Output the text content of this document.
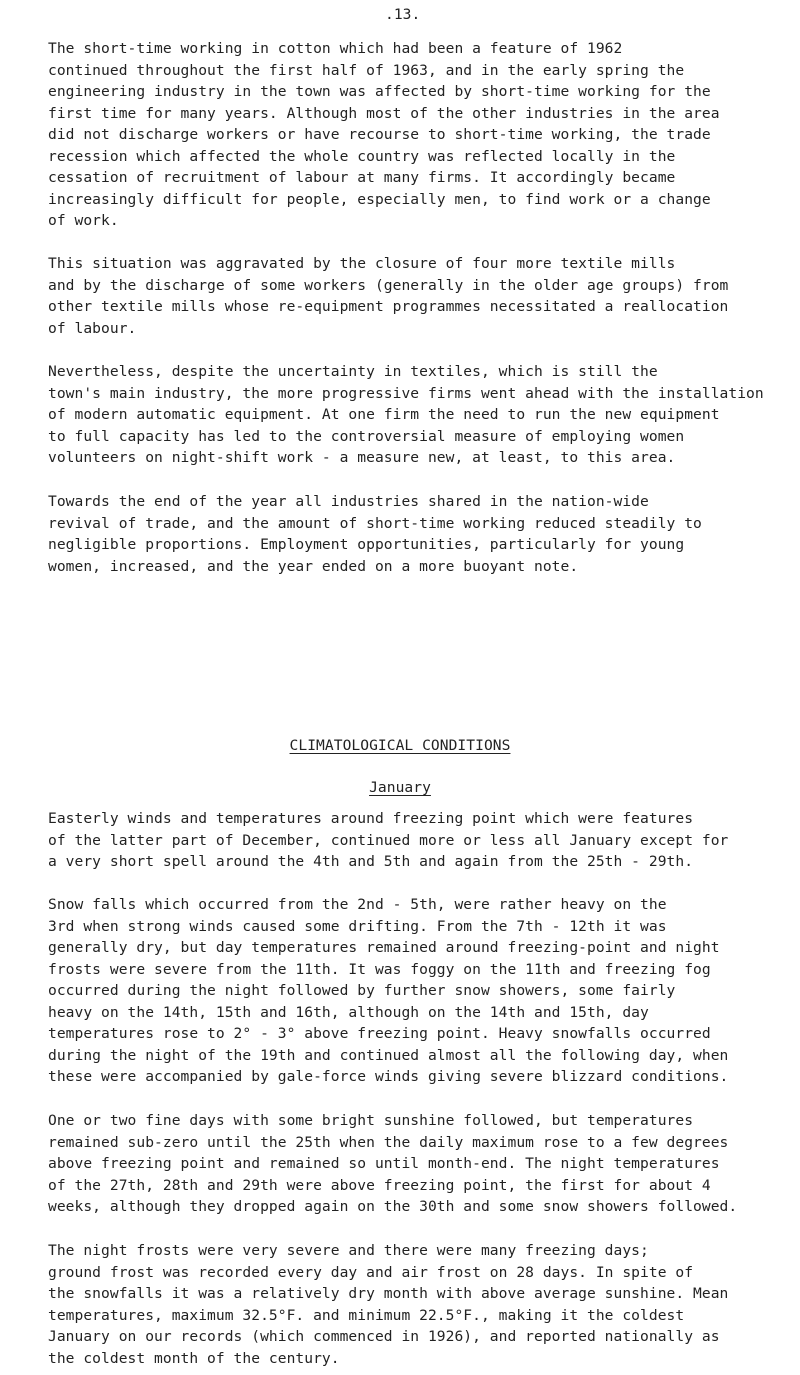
.13.

The short-time working in cotton which had been a feature of 1962
continued throughout the first half of 1963, and in the early spring the
engineering industry in the town was affected by short-time working for the
first time for many years. Although most of the other industries in the area
did not discharge workers or have recourse to short-time working, the trade
recession which affected the whole country was reflected locally in the
cessation of recruitment of labour at many firms. It accordingly became
increasingly difficult for people, especially men, to find work or a change
of work.

This situation was aggravated by the closure of four more textile mills
and by the discharge of some workers (generally in the older age groups) from
other textile mills whose re-equipment programmes necessitated a reallocation
of labour.

Nevertheless, despite the uncertainty in textiles, which is still the
town's main industry, the more progressive firms went ahead with the installation
of modern automatic equipment. At one firm the need to run the new equipment
to full capacity has led to the controversial measure of employing women
volunteers on night-shift work - a measure new, at least, to this area.

Towards the end of the year all industries shared in the nation-wide
revival of trade, and the amount of short-time working reduced steadily to
negligible proportions. Employment opportunities, particularly for young
women, increased, and the year ended on a more buoyant note.

CLIMATOLOGICAL CONDITIONS
January

Easterly winds and temperatures around freezing point which were features
of the latter part of December, continued more or less all January except for
a very short spell around the 4th and 5th and again from the 25th - 29th.

Snow falls which occurred from the 2nd - 5th, were rather heavy on the
3rd when strong winds caused some drifting. From the 7th - 12th it was
generally dry, but day temperatures remained around freezing-point and night
frosts were severe from the 11th. It was foggy on the 11th and freezing fog
occurred during the night followed by further snow showers, some fairly
heavy on the 14th, 15th and 16th, although on the 14th and 15th, day
temperatures rose to 2° - 3° above freezing point. Heavy snowfalls occurred
during the night of the 19th and continued almost all the following day, when
these were accompanied by gale-force winds giving severe blizzard conditions.

One or two fine days with some bright sunshine followed, but temperatures
remained sub-zero until the 25th when the daily maximum rose to a few degrees
above freezing point and remained so until month-end. The night temperatures
of the 27th, 28th and 29th were above freezing point, the first for about 4
weeks, although they dropped again on the 30th and some snow showers followed.

The night frosts were very severe and there were many freezing days;
ground frost was recorded every day and air frost on 28 days. In spite of
the snowfalls it was a relatively dry month with above average sunshine. Mean
temperatures, maximum 32.5°F. and minimum 22.5°F., making it the coldest
January on our records (which commenced in 1926), and reported nationally as
the coldest month of the century.
